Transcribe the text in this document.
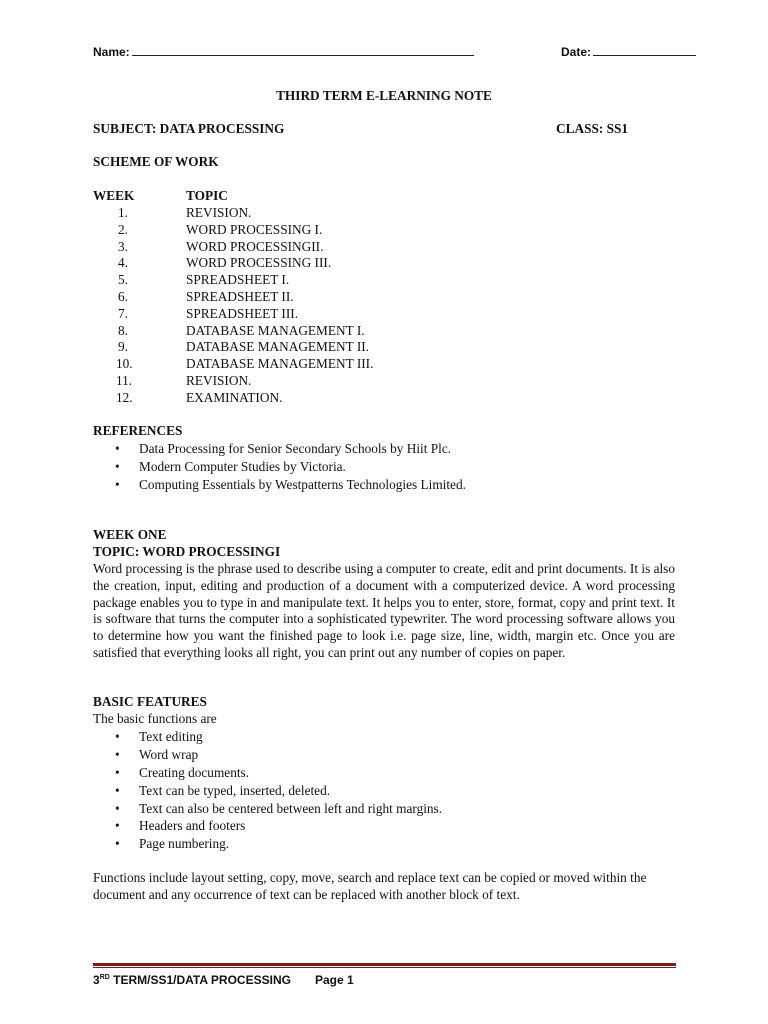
Name:	Date:
THIRD TERM E-LEARNING NOTE
SUBJECT: DATA PROCESSING	CLASS: SS1
SCHEME OF WORK
WEEK	TOPIC
1.	REVISION.
2.	WORD PROCESSING I.
3.	WORD PROCESSINGII.
4.	WORD PROCESSING III.
5.	SPREADSHEET I.
6.	SPREADSHEET II.
7.	SPREADSHEET III.
8.	DATABASE MANAGEMENT I.
9.	DATABASE MANAGEMENT II.
10.	DATABASE MANAGEMENT III.
11.	REVISION.
12.	EXAMINATION.
REFERENCES
• Data Processing for Senior Secondary Schools by Hiit Plc.
• Modern Computer Studies by Victoria.
• Computing Essentials by Westpatterns Technologies Limited.
WEEK ONE
TOPIC: WORD PROCESSINGI

Word processing is the phrase used to describe using a computer to create, edit and print documents. It is also the creation, input, editing and production of a document with a computerized device. A word processing package enables you to type in and manipulate text. It helps you to enter, store, format, copy and print text. It is software that turns the computer into a sophisticated typewriter. The word processing software allows you to determine how you want the finished page to look i.e. page size, line, width, margin etc. Once you are satisfied that everything looks all right, you can print out any number of copies on paper.

BASIC FEATURES
The basic functions are
• Text editing
• Word wrap
• Creating documents.
• Text can be typed, inserted, deleted.
• Text can also be centered between left and right margins.
• Headers and footers
• Page numbering.

Functions include layout setting, copy, move, search and replace text can be copied or moved within the document and any occurrence of text can be replaced with another block of text.

3RD TERM/SS1/DATA PROCESSING Page 1
